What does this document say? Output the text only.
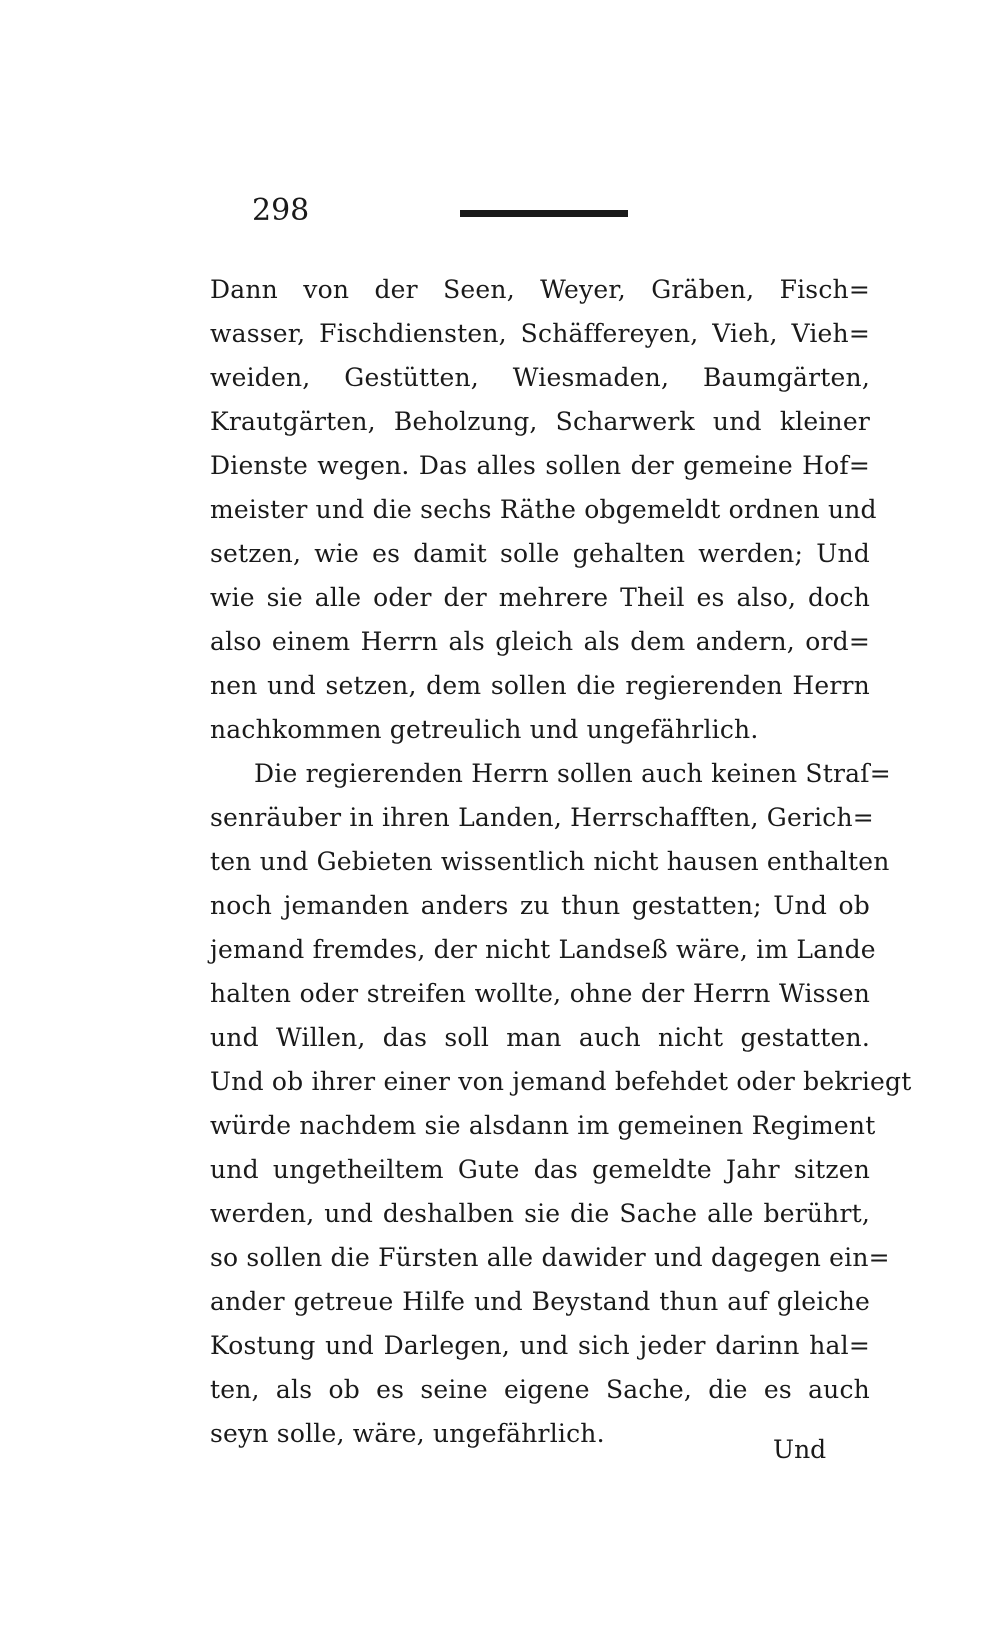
298
Dann von der Seen, Weyer, Gräben, Fisch=
wasser, Fischdiensten, Schäffereyen, Vieh, Vieh=
weiden, Gestütten, Wiesmaden, Baumgärten,
Krautgärten, Beholzung, Scharwerk und kleiner
Dienste wegen. Das alles sollen der gemeine Hof=
meister und die sechs Räthe obgemeldt ordnen und
setzen, wie es damit solle gehalten werden; Und
wie sie alle oder der mehrere Theil es also, doch
also einem Herrn als gleich als dem andern, ord=
nen und setzen, dem sollen die regierenden Herrn
nachkommen getreulich und ungefährlich.
Die regierenden Herrn sollen auch keinen Straſ=
senräuber in ihren Landen, Herrschafften, Gerich=
ten und Gebieten wissentlich nicht hausen enthalten
noch jemanden anders zu thun gestatten; Und ob
jemand fremdes, der nicht Landseß wäre, im Lande
halten oder streifen wollte, ohne der Herrn Wissen
und Willen, das soll man auch nicht gestatten.
Und ob ihrer einer von jemand befehdet oder bekriegt
würde nachdem sie alsdann im gemeinen Regiment
und ungetheiltem Gute das gemeldte Jahr sitzen
werden, und deshalben sie die Sache alle berührt,
so sollen die Fürsten alle dawider und dagegen ein=
ander getreue Hilfe und Beystand thun auf gleiche
Kostung und Darlegen, und sich jeder darinn hal=
ten, als ob es seine eigene Sache, die es auch
seyn solle, wäre, ungefährlich.
Und
